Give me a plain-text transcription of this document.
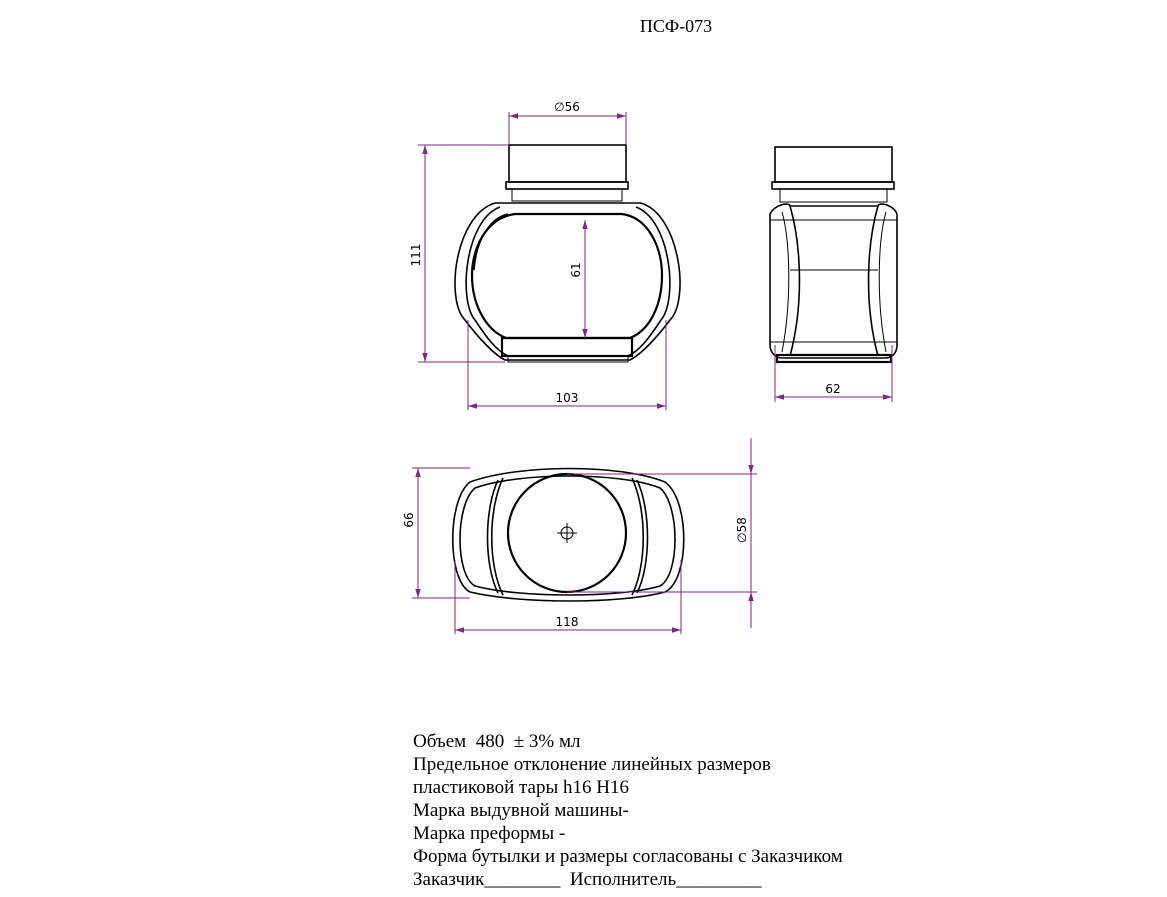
ПСФ-073
∅56
111
61
103
62
66
118
∅58
Объем  480  ± 3% мл
Предельное отклонение линейных размеров
пластиковой тары h16 H16
Марка выдувной машины-
Марка преформы -
Форма бутылки и размеры согласованы с Заказчиком
Заказчик________  Исполнитель_________
